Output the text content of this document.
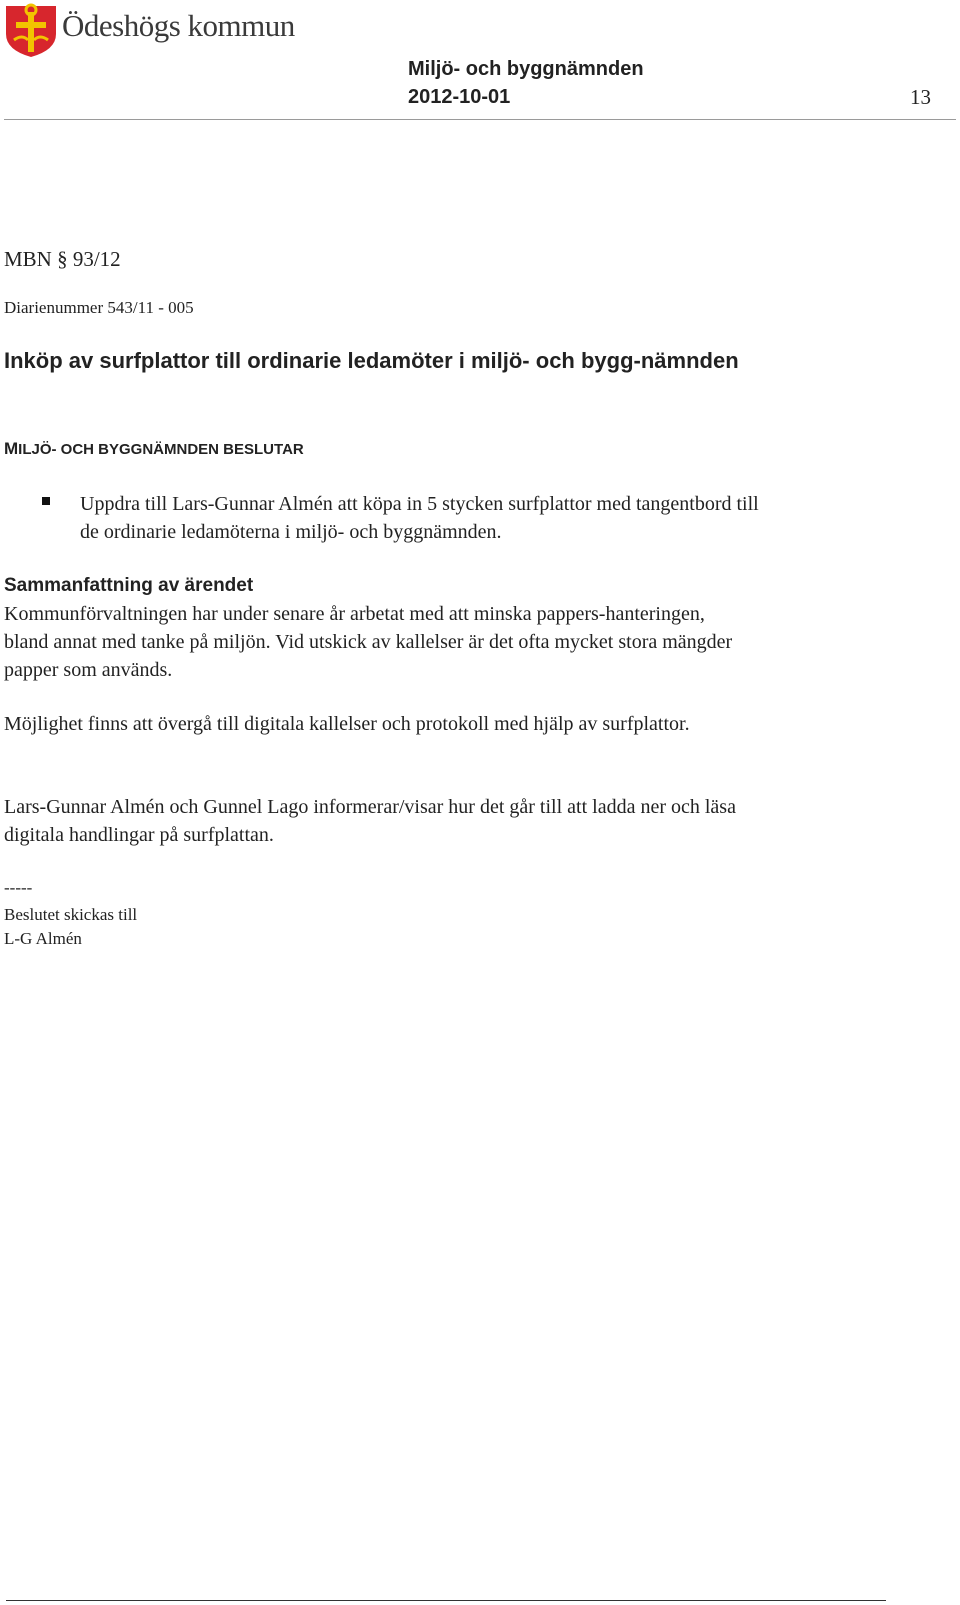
Ödeshögs kommun
Miljö- och byggnämnden
2012-10-01	13
MBN § 93/12
Diarienummer 543/11 - 005
Inköp av surfplattor till ordinarie ledamöter i miljö- och bygg-nämnden
MILJÖ- OCH BYGGNÄMNDEN BESLUTAR
Uppdra till Lars-Gunnar Almén att köpa in 5 stycken surfplattor med tangentbord till de ordinarie ledamöterna i miljö- och byggnämnden.
Sammanfattning av ärendet
Kommunförvaltningen har under senare år arbetat med att minska pappers-hanteringen, bland annat med tanke på miljön. Vid utskick av kallelser är det ofta mycket stora mängder papper som används.
Möjlighet finns att övergå till digitala kallelser och protokoll med hjälp av surfplattor.
Lars-Gunnar Almén och Gunnel Lago informerar/visar hur det går till att ladda ner och läsa digitala handlingar på surfplattan.
-----
Beslutet skickas till
L-G Almén
